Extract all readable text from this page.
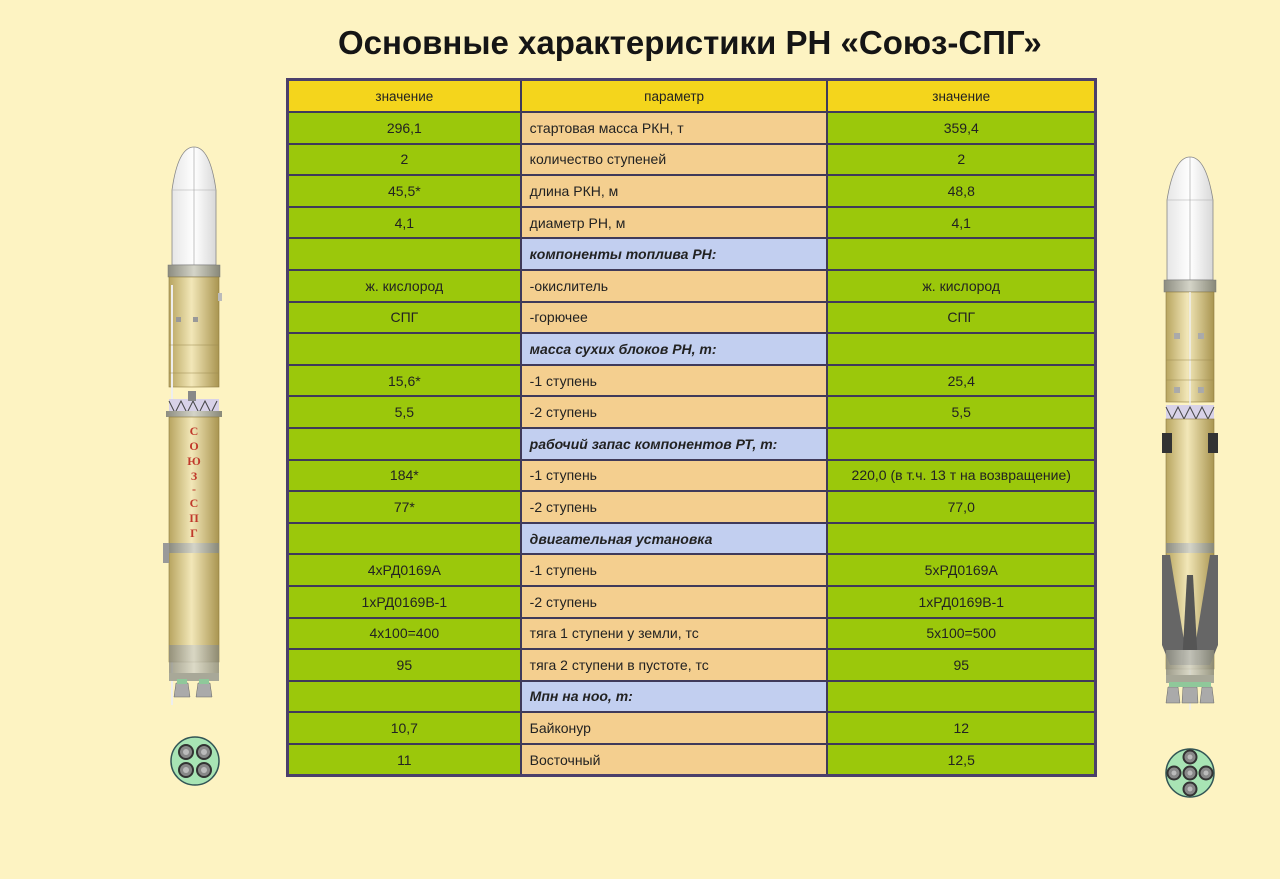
Основные характеристики РН «Союз-СПГ»
значение	параметр	значение
296,1	стартовая масса РКН, т	359,4
2	количество ступеней	2
45,5*	длина РКН, м	48,8
4,1	диаметр РН, м	4,1
	компоненты топлива РН:	
ж. кислород	-окислитель	ж. кислород
СПГ	-горючее	СПГ
	масса сухих блоков РН, т:	
15,6*	-1 ступень	25,4
5,5	-2 ступень	5,5
	рабочий запас компонентов РТ, т:	
184*	-1 ступень	220,0 (в т.ч. 13 т на возвращение)
77*	-2 ступень	77,0
	двигательная установка	
4хРД0169А	-1 ступень	5хРД0169А
1хРД0169В-1	-2 ступень	1хРД0169В-1
4х100=400	тяга 1 ступени у земли, тс	5х100=500
95	тяга 2 ступени в пустоте, тс	95
	Мпн на ноо, т:	
10,7	Байконур	12
11	Восточный	12,5
С
О
Ю
З
-
С
П
Г
